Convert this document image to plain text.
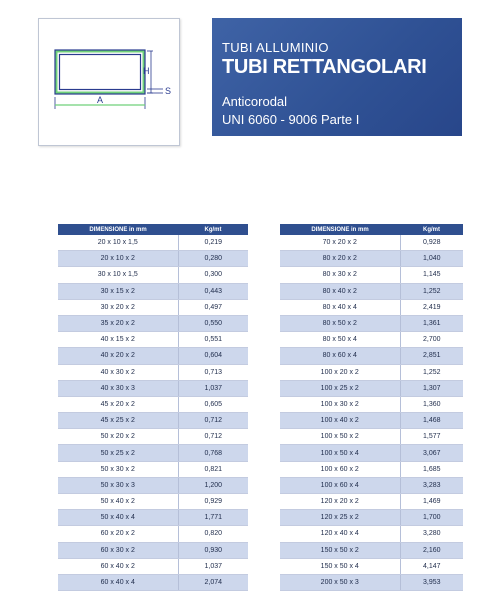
H
S
A
TUBI ALLUMINIO
TUBI RETTANGOLARI
Anticorodal
UNI 6060 - 9006 Parte I
DIMENSIONE in mm	Kg/mt
20 x 10 x 1,5	0,219
20 x 10 x 2	0,280
30 x 10 x 1,5	0,300
30 x 15 x 2	0,443
30 x 20 x 2	0,497
35 x 20 x 2	0,550
40 x 15 x 2	0,551
40 x 20 x 2	0,604
40 x 30 x 2	0,713
40 x 30 x 3	1,037
45 x 20 x 2	0,605
45 x 25 x 2	0,712
50 x 20 x 2	0,712
50 x 25 x 2	0,768
50 x 30 x 2	0,821
50 x 30 x 3	1,200
50 x 40 x 2	0,929
50 x 40 x 4	1,771
60 x 20 x 2	0,820
60 x 30 x 2	0,930
60 x 40 x 2	1,037
60 x 40 x 4	2,074
DIMENSIONE in mm	Kg/mt
70 x 20 x 2	0,928
80 x 20 x 2	1,040
80 x 30 x 2	1,145
80 x 40 x 2	1,252
80 x 40 x 4	2,419
80 x 50 x 2	1,361
80 x 50 x 4	2,700
80 x 60 x 4	2,851
100 x 20 x 2	1,252
100 x 25 x 2	1,307
100 x 30 x 2	1,360
100 x 40 x 2	1,468
100 x 50 x 2	1,577
100 x 50 x 4	3,067
100 x 60 x 2	1,685
100 x 60 x 4	3,283
120 x 20 x 2	1,469
120 x 25 x 2	1,700
120 x 40 x 4	3,280
150 x 50 x 2	2,160
150 x 50 x 4	4,147
200 x 50 x 3	3,953
